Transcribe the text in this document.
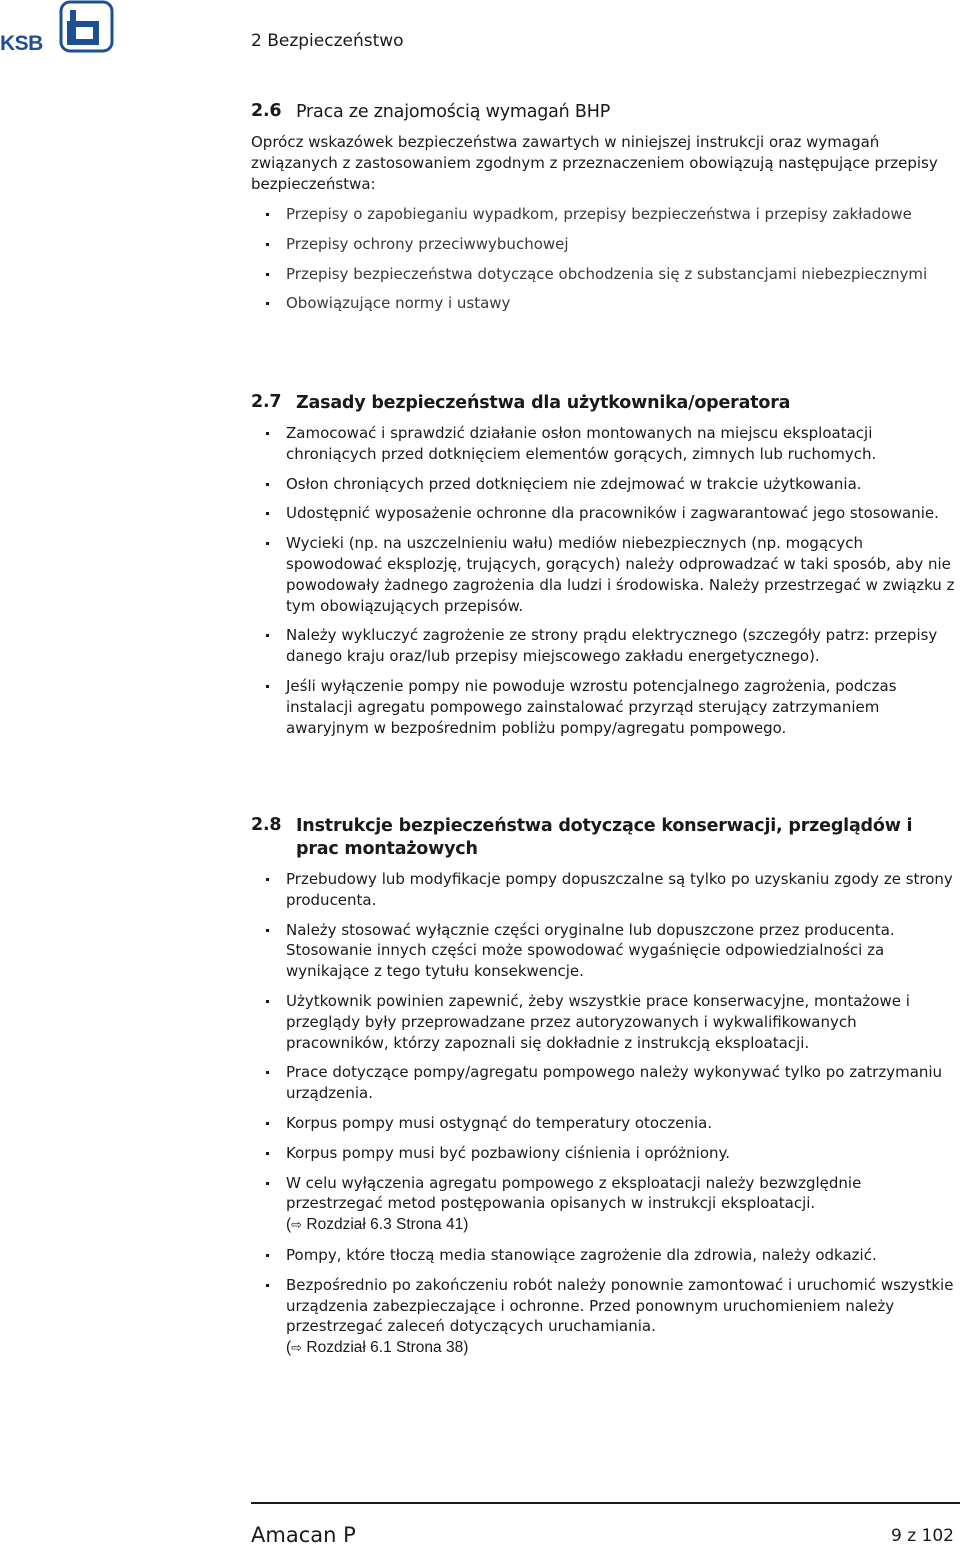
KSB	2 Bezpieczeństwo
2.6 Praca ze znajomością wymagań BHP
Oprócz wskazówek bezpieczeństwa zawartych w niniejszej instrukcji oraz wymagań związanych z zastosowaniem zgodnym z przeznaczeniem obowiązują następujące przepisy bezpieczeństwa:
Przepisy o zapobieganiu wypadkom, przepisy bezpieczeństwa i przepisy zakładowe
Przepisy ochrony przeciwwybuchowej
Przepisy bezpieczeństwa dotyczące obchodzenia się z substancjami niebezpiecznymi
Obowiązujące normy i ustawy
2.7 Zasady bezpieczeństwa dla użytkownika/operatora
Zamocować i sprawdzić działanie osłon montowanych na miejscu eksploatacji chroniących przed dotknięciem elementów gorących, zimnych lub ruchomych.
Osłon chroniących przed dotknięciem nie zdejmować w trakcie użytkowania.
Udostępnić wyposażenie ochronne dla pracowników i zagwarantować jego stosowanie.
Wycieki (np. na uszczelnieniu wału) mediów niebezpiecznych (np. mogących spowodować eksplozję, trujących, gorących) należy odprowadzać w taki sposób, aby nie powodowały żadnego zagrożenia dla ludzi i środowiska. Należy przestrzegać w związku z tym obowiązujących przepisów.
Należy wykluczyć zagrożenie ze strony prądu elektrycznego (szczegóły patrz: przepisy danego kraju oraz/lub przepisy miejscowego zakładu energetycznego).
Jeśli wyłączenie pompy nie powoduje wzrostu potencjalnego zagrożenia, podczas instalacji agregatu pompowego zainstalować przyrząd sterujący zatrzymaniem awaryjnym w bezpośrednim pobliżu pompy/agregatu pompowego.
2.8 Instrukcje bezpieczeństwa dotyczące konserwacji, przeglądów i prac montażowych
Przebudowy lub modyfikacje pompy dopuszczalne są tylko po uzyskaniu zgody ze strony producenta.
Należy stosować wyłącznie części oryginalne lub dopuszczone przez producenta. Stosowanie innych części może spowodować wygaśnięcie odpowiedzialności za wynikające z tego tytułu konsekwencje.
Użytkownik powinien zapewnić, żeby wszystkie prace konserwacyjne, montażowe i przeglądy były przeprowadzane przez autoryzowanych i wykwalifikowanych pracowników, którzy zapoznali się dokładnie z instrukcją eksploatacji.
Prace dotyczące pompy/agregatu pompowego należy wykonywać tylko po zatrzymaniu urządzenia.
Korpus pompy musi ostygnąć do temperatury otoczenia.
Korpus pompy musi być pozbawiony ciśnienia i opróżniony.
W celu wyłączenia agregatu pompowego z eksploatacji należy bezwzględnie przestrzegać metod postępowania opisanych w instrukcji eksploatacji.
(⇨ Rozdział 6.3 Strona 41)
Pompy, które tłoczą media stanowiące zagrożenie dla zdrowia, należy odkazić.
Bezpośrednio po zakończeniu robót należy ponownie zamontować i uruchomić wszystkie urządzenia zabezpieczające i ochronne. Przed ponownym uruchomieniem należy przestrzegać zaleceń dotyczących uruchamiania.
(⇨ Rozdział 6.1 Strona 38)
Amacan P	9 z 102
